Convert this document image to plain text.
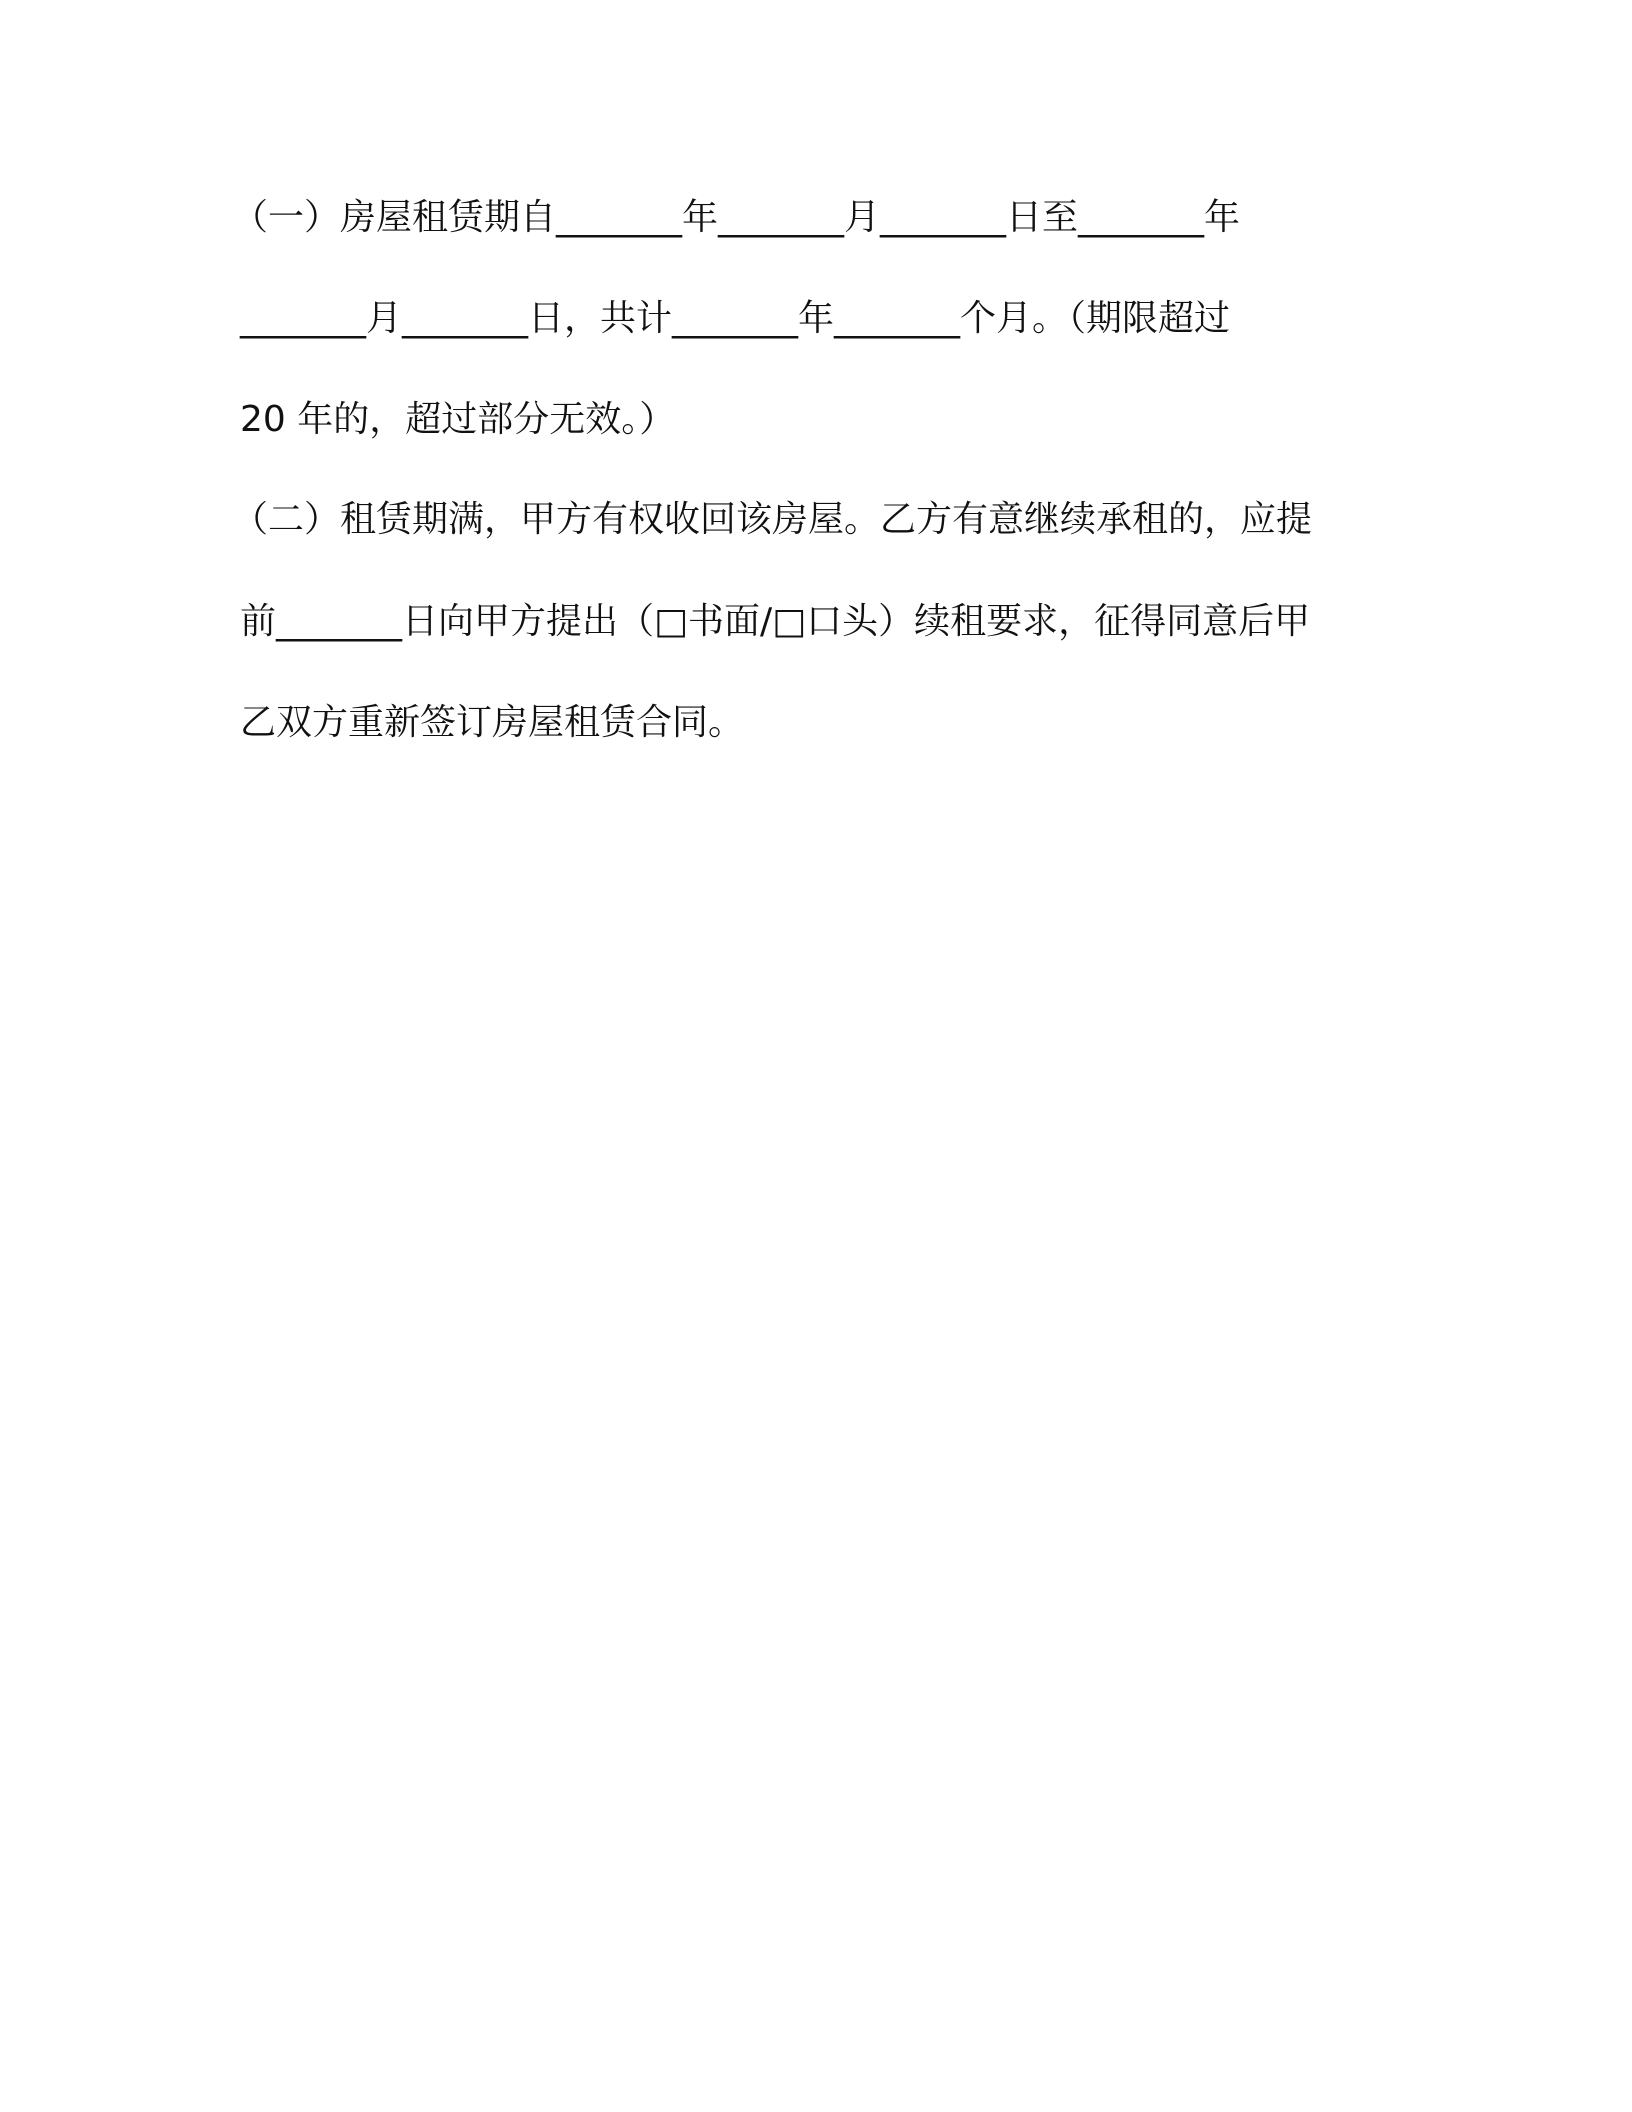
（一）房屋租赁期自_______年_______月_______日至_______年
_______月_______日，共计_______年_______个月。（期限超过
20 年的，超过部分无效。）
（二）租赁期满，甲方有权收回该房屋。乙方有意继续承租的，应提
前_______日向甲方提出（□书面/□口头）续租要求，征得同意后甲
乙双方重新签订房屋租赁合同。
